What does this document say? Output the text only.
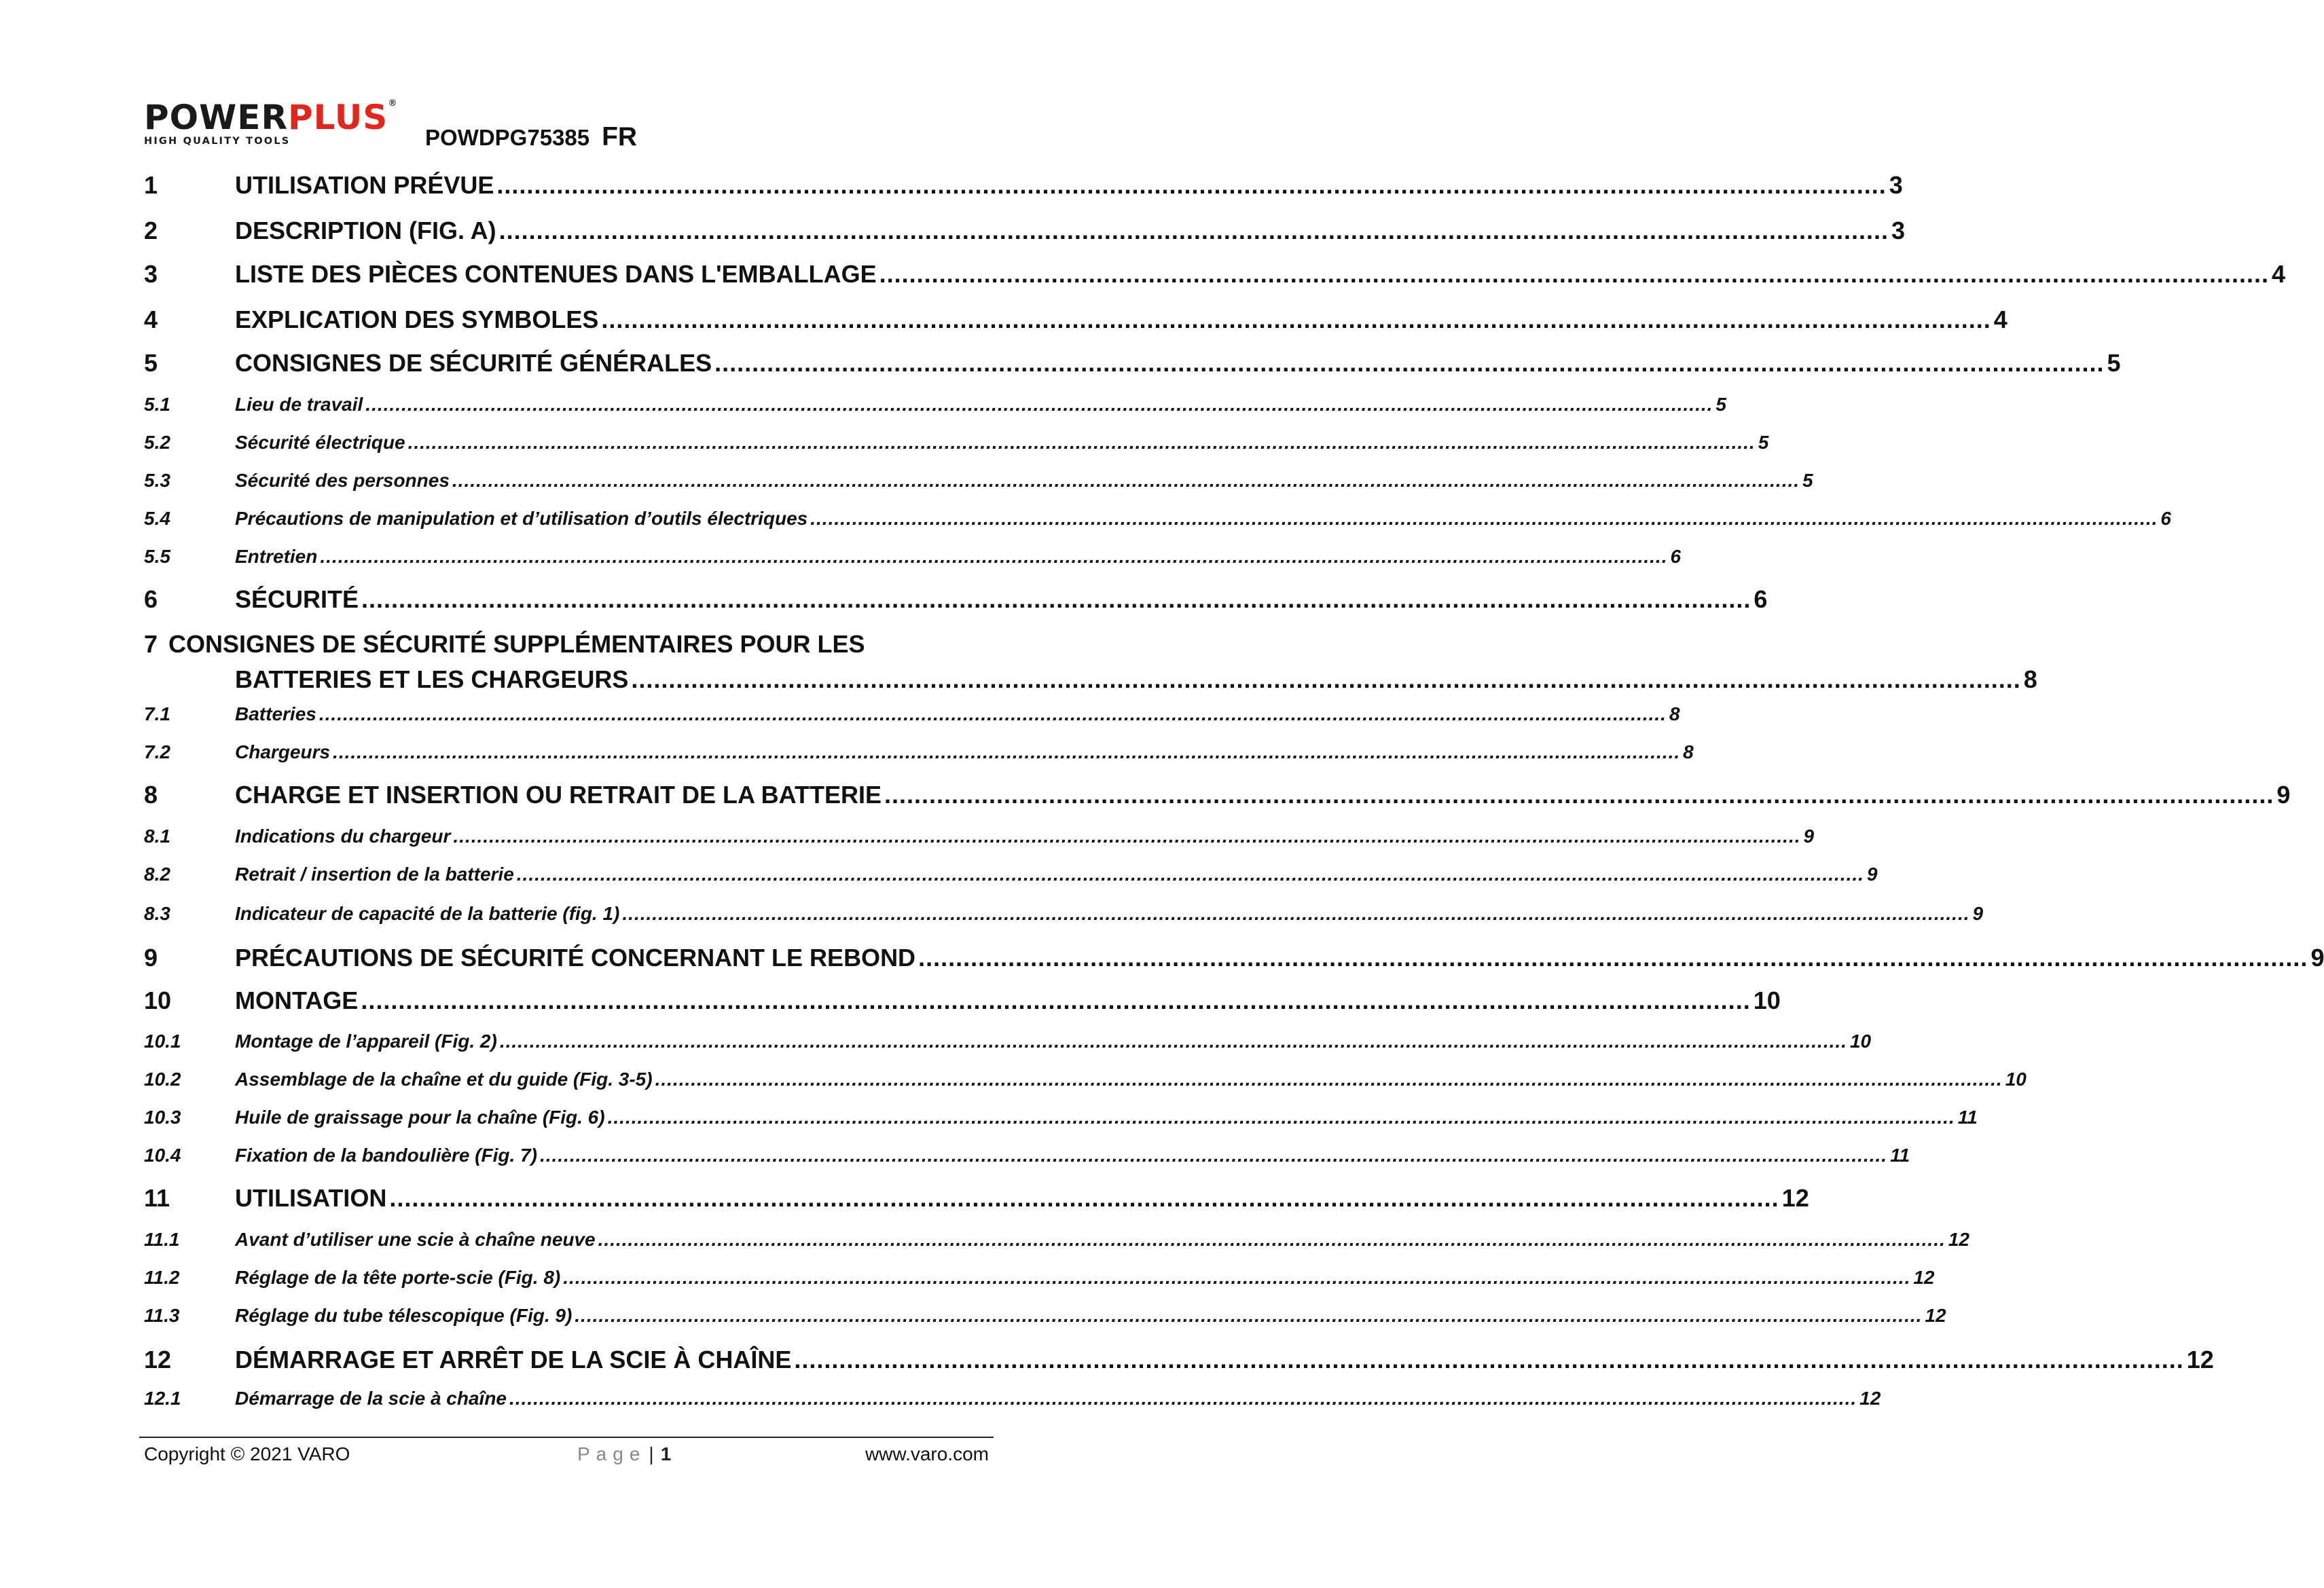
POWERPLUS®
HIGH QUALITY TOOLS	POWDPG75385 FR
1	UTILISATION PRÉVUE .......................................................................................................................................................................................... 3
2	DESCRIPTION (FIG. A) .......................................................................................................................................................................................... 3
3	LISTE DES PIÈCES CONTENUES DANS L'EMBALLAGE .......................................................................................................................................................................................... 4
4	EXPLICATION DES SYMBOLES .......................................................................................................................................................................................... 4
5	CONSIGNES DE SÉCURITÉ GÉNÉRALES .......................................................................................................................................................................................... 5
5.1	Lieu de travail .................................................................................................................................................................................................................................. 5
5.2	Sécurité électrique .................................................................................................................................................................................................................................. 5
5.3	Sécurité des personnes .................................................................................................................................................................................................................................. 5
5.4	Précautions de manipulation et d’utilisation d’outils électriques .................................................................................................................................................................................................................................. 6
5.5	Entretien .................................................................................................................................................................................................................................. 6
6	SÉCURITÉ .......................................................................................................................................................................................... 6
7 CONSIGNES DE SÉCURITÉ SUPPLÉMENTAIRES POUR LES
BATTERIES ET LES CHARGEURS .......................................................................................................................................................................................... 8
7.1	Batteries .................................................................................................................................................................................................................................. 8
7.2	Chargeurs .................................................................................................................................................................................................................................. 8
8	CHARGE ET INSERTION OU RETRAIT DE LA BATTERIE .......................................................................................................................................................................................... 9
8.1	Indications du chargeur .................................................................................................................................................................................................................................. 9
8.2	Retrait / insertion de la batterie .................................................................................................................................................................................................................................. 9
8.3	Indicateur de capacité de la batterie (fig. 1) .................................................................................................................................................................................................................................. 9
9	PRÉCAUTIONS DE SÉCURITÉ CONCERNANT LE REBOND .......................................................................................................................................................................................... 9
10	MONTAGE .......................................................................................................................................................................................... 10
10.1	Montage de l’appareil (Fig. 2) .................................................................................................................................................................................................................................. 10
10.2	Assemblage de la chaîne et du guide (Fig. 3-5) .................................................................................................................................................................................................................................. 10
10.3	Huile de graissage pour la chaîne (Fig. 6) .................................................................................................................................................................................................................................. 11
10.4	Fixation de la bandoulière (Fig. 7) .................................................................................................................................................................................................................................. 11
11	UTILISATION .......................................................................................................................................................................................... 12
11.1	Avant d’utiliser une scie à chaîne neuve .................................................................................................................................................................................................................................. 12
11.2	Réglage de la tête porte-scie (Fig. 8) .................................................................................................................................................................................................................................. 12
11.3	Réglage du tube télescopique (Fig. 9) .................................................................................................................................................................................................................................. 12
12	DÉMARRAGE ET ARRÊT DE LA SCIE À CHAÎNE .......................................................................................................................................................................................... 12
12.1	Démarrage de la scie à chaîne .................................................................................................................................................................................................................................. 12
Copyright © 2021 VARO	Page | 1	www.varo.com
